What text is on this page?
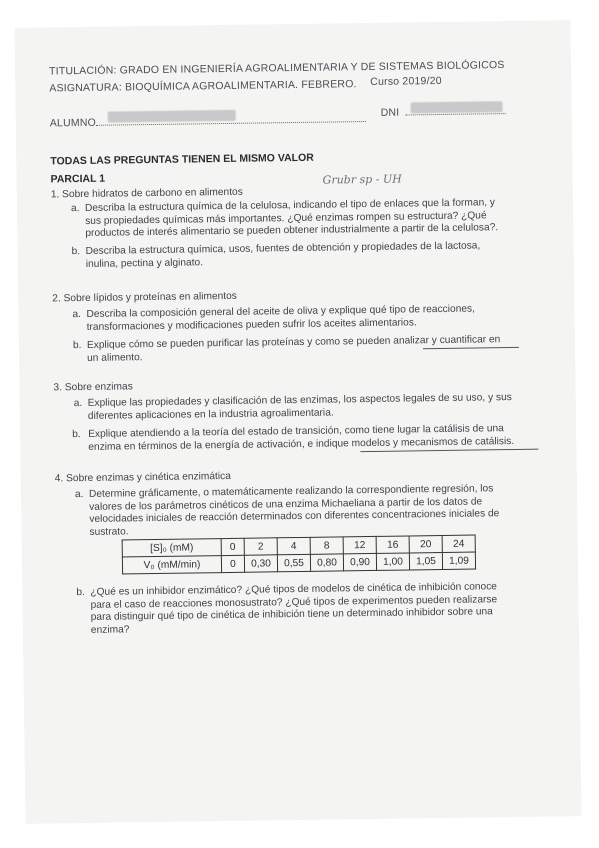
TITULACIÓN: GRADO EN INGENIERÍA AGROALIMENTARIA Y DE SISTEMAS BIOLÓGICOS
ASIGNATURA: BIOQUÍMICA AGROALIMENTARIA. FEBRERO. Curso 2019/20
ALUMNO
DNI
TODAS LAS PREGUNTAS TIENEN EL MISMO VALOR
PARCIAL 1	Grubr sp - UH
1. Sobre hidratos de carbono en alimentos
a. Describa la estructura química de la celulosa, indicando el tipo de enlaces que la forman, y
sus propiedades químicas más importantes. ¿Qué enzimas rompen su estructura? ¿Qué
productos de interés alimentario se pueden obtener industrialmente a partir de la celulosa?.
b. Describa la estructura química, usos, fuentes de obtención y propiedades de la lactosa,
inulina, pectina y alginato.
2. Sobre lípidos y proteínas en alimentos
a. Describa la composición general del aceite de oliva y explique qué tipo de reacciones,
transformaciones y modificaciones pueden sufrir los aceites alimentarios.
b. Explique cómo se pueden purificar las proteínas y como se pueden analizar y cuantificar en
un alimento.
3. Sobre enzimas
a. Explique las propiedades y clasificación de las enzimas, los aspectos legales de su uso, y sus
diferentes aplicaciones en la industria agroalimentaria.
b. Explique atendiendo a la teoría del estado de transición, como tiene lugar la catálisis de una
enzima en términos de la energía de activación, e indique modelos y mecanismos de catálisis.
4. Sobre enzimas y cinética enzimática
a. Determine gráficamente, o matemáticamente realizando la correspondiente regresión, los
valores de los parámetros cinéticos de una enzima Michaeliana a partir de los datos de
velocidades iniciales de reacción determinados con diferentes concentraciones iniciales de
sustrato.
[S]₀ (mM)	0	2	4	8	12	16	20	24
V₀ (mM/min)	0	0,30	0,55	0,80	0,90	1,00	1,05	1,09
b. ¿Qué es un inhibidor enzimático? ¿Qué tipos de modelos de cinética de inhibición conoce
para el caso de reacciones monosustrato? ¿Qué tipos de experimentos pueden realizarse
para distinguir qué tipo de cinética de inhibición tiene un determinado inhibidor sobre una
enzima?
